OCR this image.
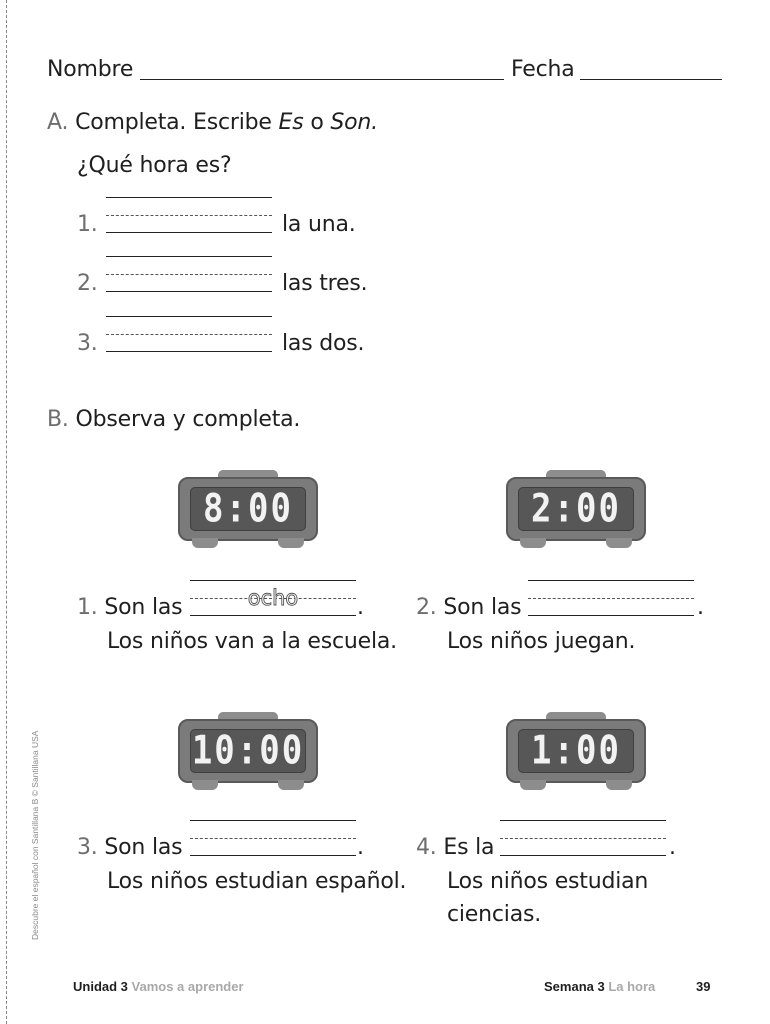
Descubre el español con Santillana B © Santillana USA
Nombre	Fecha
A. Completa. Escribe Es o Son.
¿Qué hora es?
1.	la una.
2.	las tres.
3.	las dos.
B. Observa y completa.
8:00	2:00
1. Son las	ocho	.
Los niños van a la escuela.
2. Son las	.
Los niños juegan.
10:00	1:00
3. Son las	.
Los niños estudian español.
4. Es la	.
Los niños estudian
ciencias.
Unidad 3 Vamos a aprender	Semana 3 La hora	39
